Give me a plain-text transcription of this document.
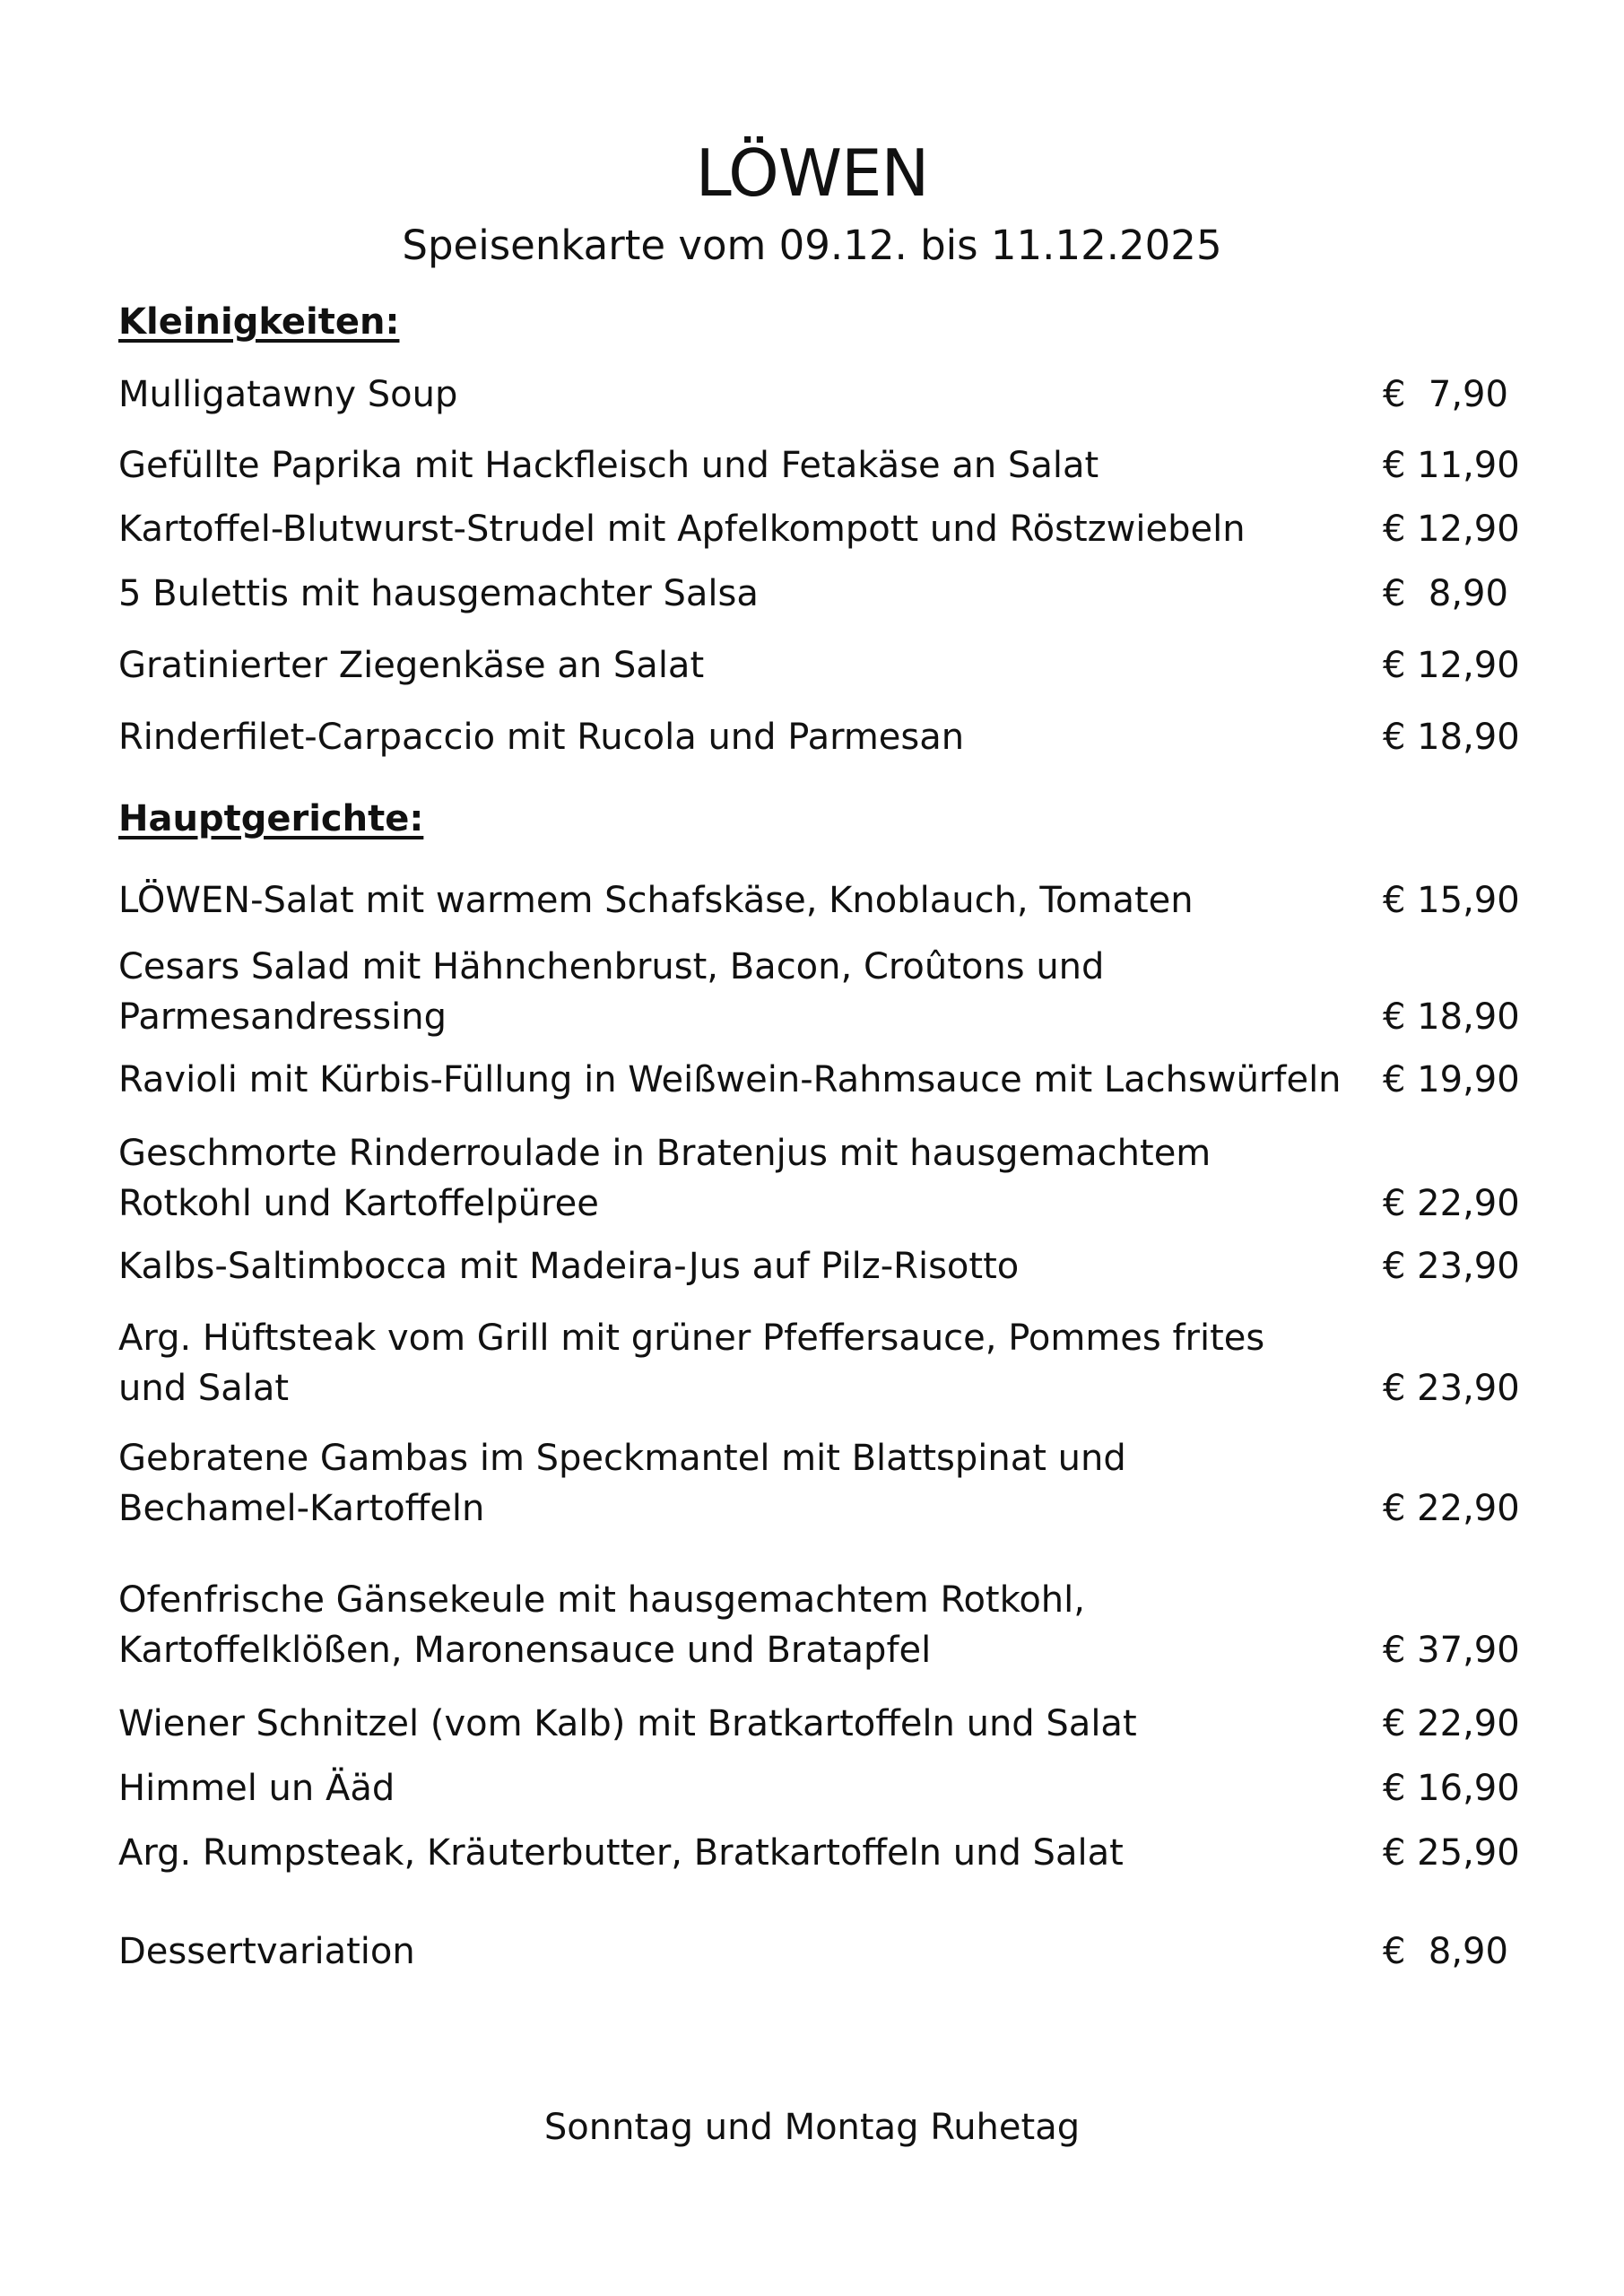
LÖWEN

Speisenkarte vom 09.12. bis 11.12.2025

Kleinigkeiten:
Mulligatawny Soup	€  7,90
Gefüllte Paprika mit Hackfleisch und Fetakäse an Salat	€ 11,90
Kartoffel-Blutwurst-Strudel mit Apfelkompott und Röstzwiebeln	€ 12,90
5 Bulettis mit hausgemachter Salsa	€  8,90
Gratinierter Ziegenkäse an Salat	€ 12,90
Rinderfilet-Carpaccio mit Rucola und Parmesan	€ 18,90
Hauptgerichte:
LÖWEN-Salat mit warmem Schafskäse, Knoblauch, Tomaten	€ 15,90
Cesars Salad mit Hähnchenbrust, Bacon, Croûtons und Parmesandressing	€ 18,90
Ravioli mit Kürbis-Füllung in Weißwein-Rahmsauce mit Lachswürfeln	€ 19,90
Geschmorte Rinderroulade in Bratenjus mit hausgemachtem Rotkohl und Kartoffelpüree	€ 22,90
Kalbs-Saltimbocca mit Madeira-Jus auf Pilz-Risotto	€ 23,90
Arg. Hüftsteak vom Grill mit grüner Pfeffersauce, Pommes frites und Salat	€ 23,90
Gebratene Gambas im Speckmantel mit Blattspinat und Bechamel-Kartoffeln	€ 22,90
Ofenfrische Gänsekeule mit hausgemachtem Rotkohl, Kartoffelklößen, Maronensauce und Bratapfel	€ 37,90
Wiener Schnitzel (vom Kalb) mit Bratkartoffeln und Salat	€ 22,90
Himmel un Ääd	€ 16,90
Arg. Rumpsteak, Kräuterbutter, Bratkartoffeln und Salat	€ 25,90
Dessertvariation	€  8,90
Sonntag und Montag Ruhetag
